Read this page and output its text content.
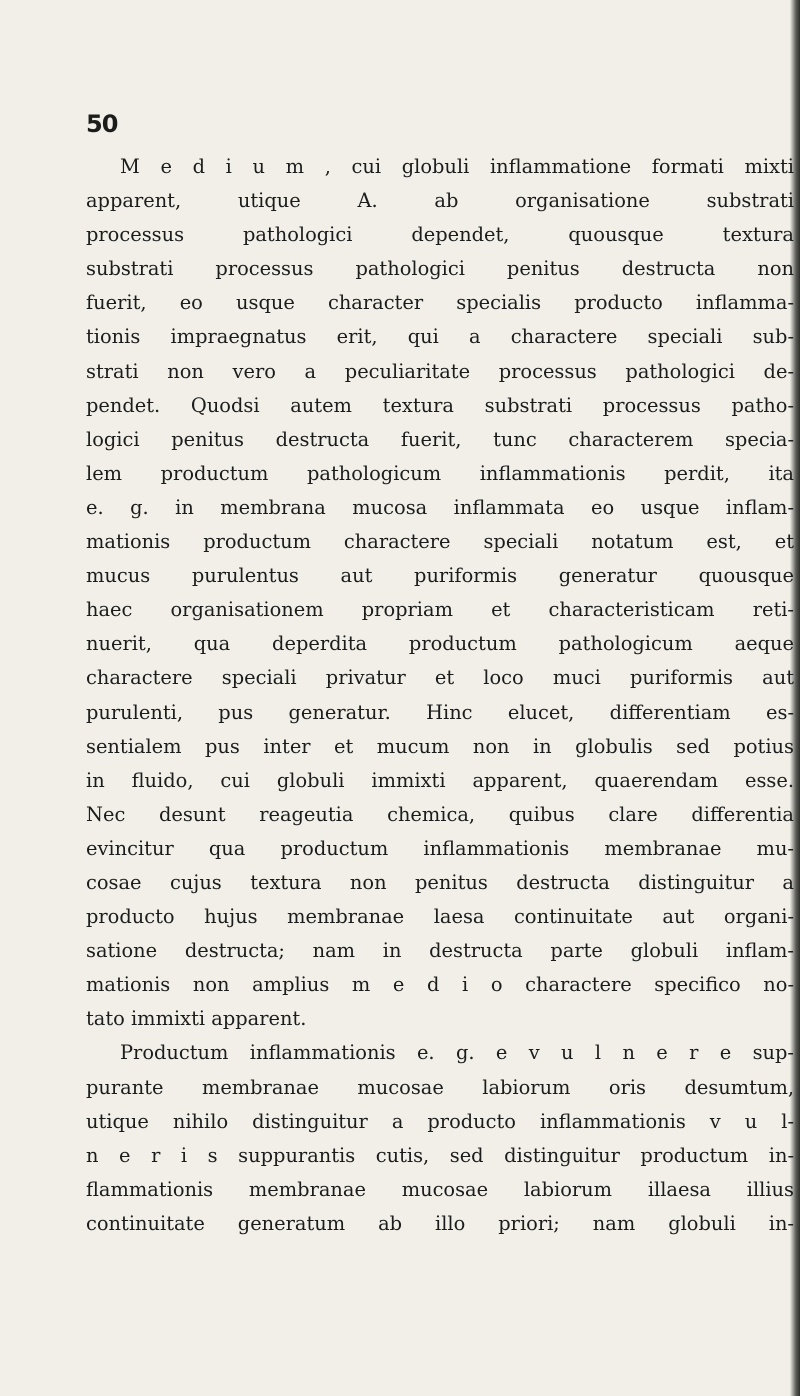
50
M e d i u m , cui globuli inflammatione formati mixti
apparent, utique A. ab organisatione substrati
processus pathologici dependet, quousque textura
substrati processus pathologici penitus destructa non
fuerit, eo usque character specialis producto inflamma-
tionis impraegnatus erit, qui a charactere speciali sub-
strati non vero a peculiaritate processus pathologici de-
pendet. Quodsi autem textura substrati processus patho-
logici penitus destructa fuerit, tunc characterem specia-
lem productum pathologicum inflammationis perdit, ita
e. g. in membrana mucosa inflammata eo usque inflam-
mationis productum charactere speciali notatum est, et
mucus purulentus aut puriformis generatur quousque
haec organisationem propriam et characteristicam reti-
nuerit, qua deperdita productum pathologicum aeque
charactere speciali privatur et loco muci puriformis aut
purulenti, pus generatur. Hinc elucet, differentiam es-
sentialem pus inter et mucum non in globulis sed potius
in fluido, cui globuli immixti apparent, quaerendam esse.
Nec desunt reageutia chemica, quibus clare differentia
evincitur qua productum inflammationis membranae mu-
cosae cujus textura non penitus destructa distinguitur a
producto hujus membranae laesa continuitate aut organi-
satione destructa; nam in destructa parte globuli inflam-
mationis non amplius m e d i o charactere specifico no-
tato immixti apparent.
Productum inflammationis e. g. e v u l n e r e sup-
purante membranae mucosae labiorum oris desumtum,
utique nihilo distinguitur a producto inflammationis v u l-
n e r i s suppurantis cutis, sed distinguitur productum in-
flammationis membranae mucosae labiorum illaesa illius
continuitate generatum ab illo priori; nam globuli in-
